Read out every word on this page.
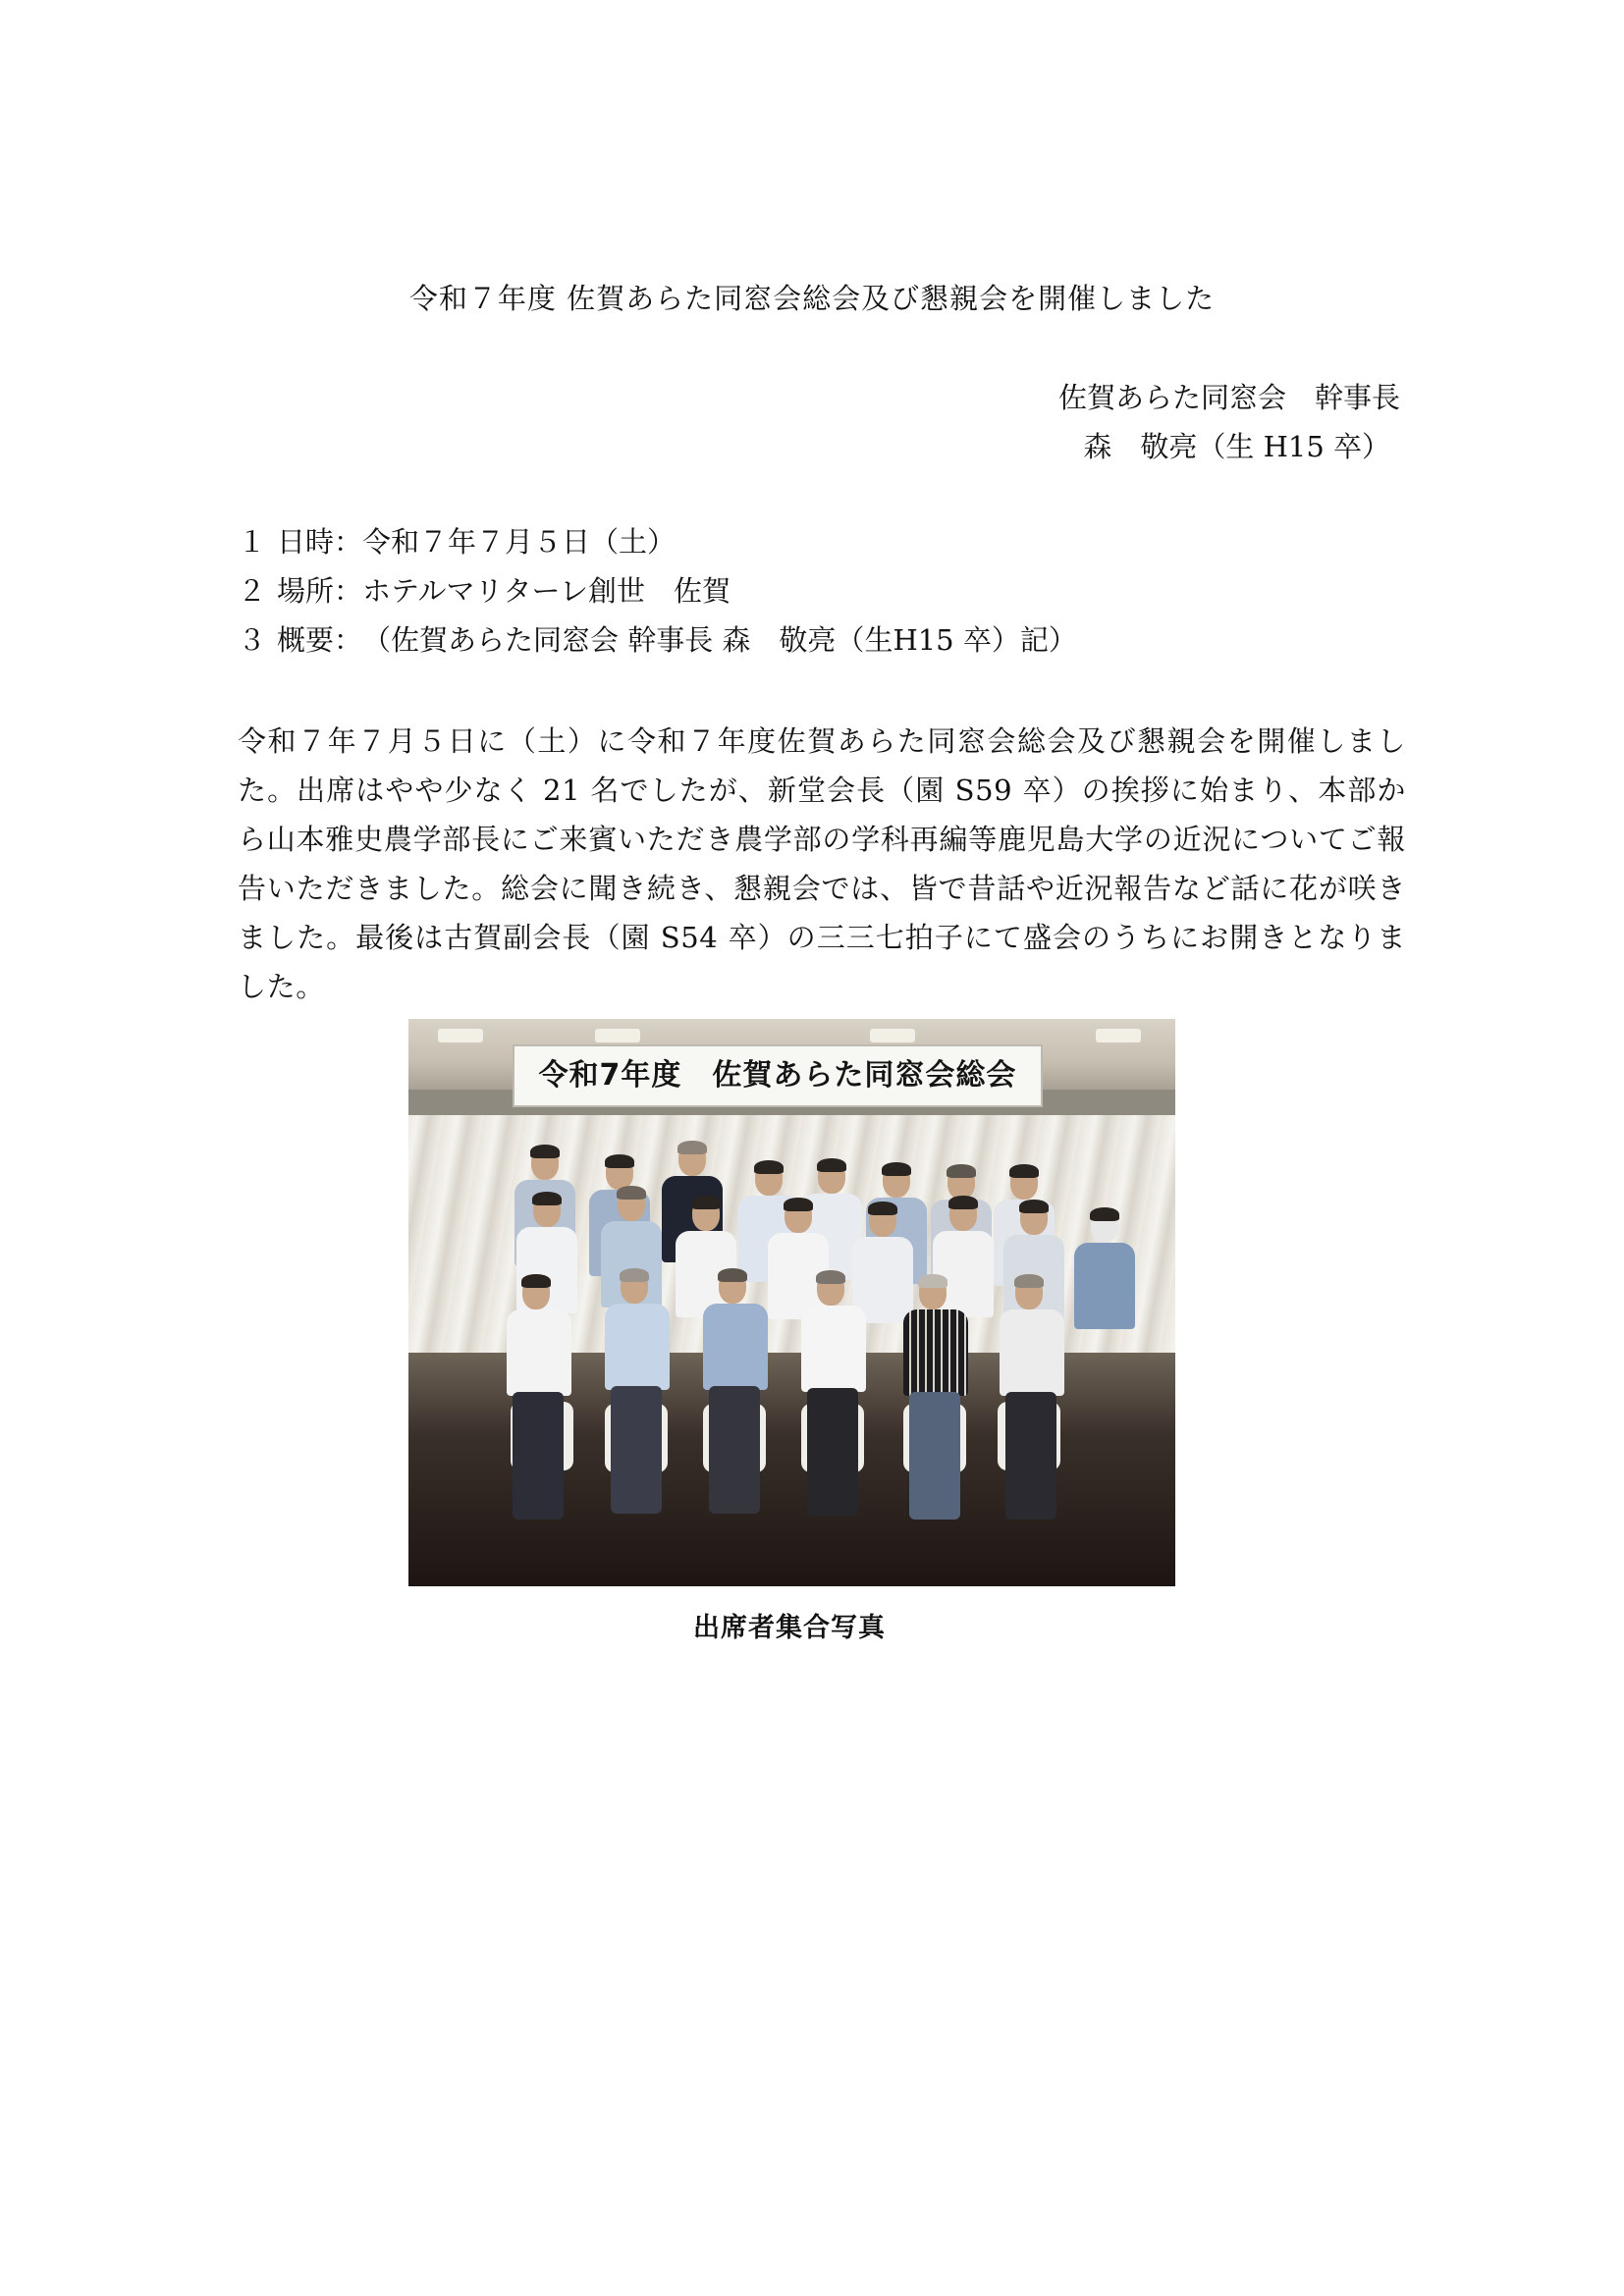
令和７年度 佐賀あらた同窓会総会及び懇親会を開催しました
佐賀あらた同窓会　幹事長
森　敬亮（生 H15 卒）
１ 日時：令和７年７月５日（土）
２ 場所：ホテルマリターレ創世　佐賀
３ 概要：　（佐賀あらた同窓会 幹事長 森　敬亮（生H15 卒）記）
令和７年７月５日に（土）に令和７年度佐賀あらた同窓会総会及び懇親会を開催しました。出席はやや少なく 21 名でしたが、新堂会長（園 S59 卒）の挨拶に始まり、本部から山本雅史農学部長にご来賓いただき農学部の学科再編等鹿児島大学の近況についてご報告いただきました。総会に聞き続き、懇親会では、皆で昔話や近況報告など話に花が咲きました。最後は古賀副会長（園 S54 卒）の三三七拍子にて盛会のうちにお開きとなりました。
令和7年度　佐賀あらた同窓会総会
出席者集合写真
